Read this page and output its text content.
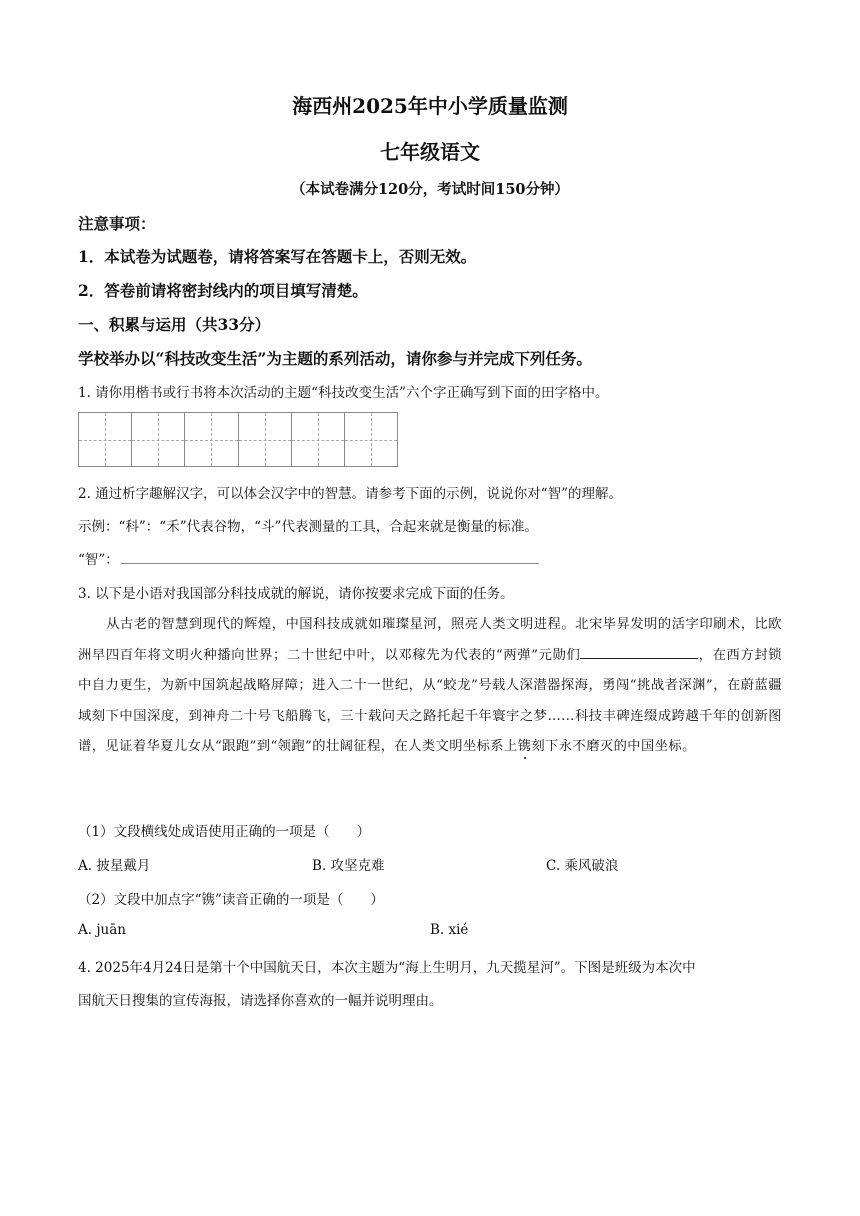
海西州2025年中小学质量监测
七年级语文
（本试卷满分120分，考试时间150分钟）
注意事项：
1．本试卷为试题卷，请将答案写在答题卡上，否则无效。
2．答卷前请将密封线内的项目填写清楚。
一、积累与运用（共33分）
学校举办以“科技改变生活”为主题的系列活动，请你参与并完成下列任务。
1. 请你用楷书或行书将本次活动的主题“科技改变生活”六个字正确写到下面的田字格中。
2. 通过析字趣解汉字，可以体会汉字中的智慧。请参考下面的示例，说说你对“智”的理解。
示例：“科”：“禾”代表谷物，“斗”代表测量的工具，合起来就是衡量的标准。
“智”：
3. 以下是小语对我国部分科技成就的解说，请你按要求完成下面的任务。
从古老的智慧到现代的辉煌，中国科技成就如璀璨星河，照亮人类文明进程。北宋毕昇发明的活字印刷术，比欧洲早四百年将文明火种播向世界；二十世纪中叶，以邓稼先为代表的“两弹”元勋们	，在西方封锁中自力更生，为新中国筑起战略屏障；进入二十一世纪，从“蛟龙”号载人深潜器探海，勇闯“挑战者深渊”，在蔚蓝疆域刻下中国深度，到神舟二十号飞船腾飞，三十载问天之路托起千年寰宇之梦……科技丰碑连缀成跨越千年的创新图谱，见证着华夏儿女从“跟跑”到“领跑”的壮阔征程，在人类文明坐标系上镌刻下永不磨灭的中国坐标。
（1）文段横线处成语使用正确的一项是（　　）
A. 披星戴月	B. 攻坚克难	C. 乘风破浪
（2）文段中加点字“镌”读音正确的一项是（　　）
A. juān	B. xié
4. 2025年4月24日是第十个中国航天日，本次主题为“海上生明月，九天揽星河”。下图是班级为本次中
国航天日搜集的宣传海报，请选择你喜欢的一幅并说明理由。
